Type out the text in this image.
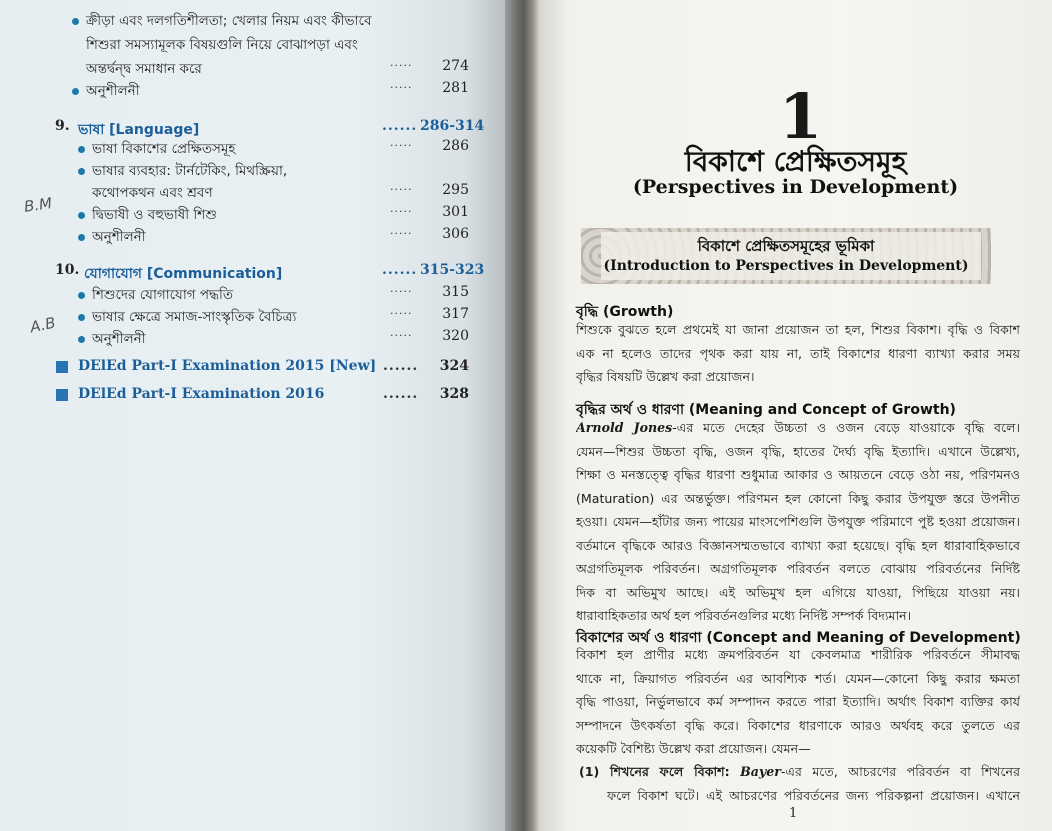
ক্রীড়া এবং দলগতিশীলতা; খেলার নিয়ম এবং কীভাবে
শিশুরা সমস্যামূলক বিষয়গুলি নিয়ে বোঝাপড়া এবং
অন্তর্দ্বন্দ্ব সমাধান করে	.....	274
অনুশীলনী	.....	281
9. ভাষা [Language]	...... 286-314
ভাষা বিকাশের প্রেক্ষিতসমূহ	.....	286
ভাষার ব্যবহার: টার্নটেকিং, মিথস্ক্রিয়া,
কথোপকথন এবং শ্রবণ	.....	295
দ্বিভাষী ও বহুভাষী শিশু	.....	301
অনুশীলনী	.....	306
10. যোগাযোগ [Communication]	...... 315-323
শিশুদের যোগাযোগ পদ্ধতি	.....	315
ভাষার ক্ষেত্রে সমাজ-সাংস্কৃতিক বৈচিত্র্য	.....	317
অনুশীলনী	.....	320
DElEd Part-I Examination 2015 [New] ...... 324
DElEd Part-I Examination 2016	...... 328
B.M
A.B
1
বিকাশে প্রেক্ষিতসমূহ
(Perspectives in Development)
বিকাশে প্রেক্ষিতসমূহের ভূমিকা
(Introduction to Perspectives in Development)
বৃদ্ধি (Growth)
শিশুকে বুঝতে হলে প্রথমেই যা জানা প্রয়োজন তা হল, শিশুর বিকাশ। বৃদ্ধি ও বিকাশ
এক না হলেও তাদের পৃথক করা যায় না, তাই বিকাশের ধারণা ব্যাখ্যা করার সময়
বৃদ্ধির বিষয়টি উল্লেখ করা প্রয়োজন।
বৃদ্ধির অর্থ ও ধারণা (Meaning and Concept of Growth)
Arnold Jones-এর মতে দেহের উচ্চতা ও ওজন বেড়ে যাওয়াকে বৃদ্ধি বলে।
যেমন—শিশুর উচ্চতা বৃদ্ধি, ওজন বৃদ্ধি, হাতের দৈর্ঘ্য বৃদ্ধি ইত্যাদি। এখানে উল্লেখ্য,
শিক্ষা ও মনস্তত্ত্বে বৃদ্ধির ধারণা শুধুমাত্র আকার ও আয়তনে বেড়ে ওঠা নয়, পরিণমনও
(Maturation) এর অন্তর্ভুক্ত। পরিণমন হল কোনো কিছু করার উপযুক্ত স্তরে উপনীত
হওয়া। যেমন—হাঁটার জন্য পায়ের মাংসপেশিগুলি উপযুক্ত পরিমাণে পুষ্ট হওয়া প্রয়োজন।
বর্তমানে বৃদ্ধিকে আরও বিজ্ঞানসম্মতভাবে ব্যাখ্যা করা হয়েছে। বৃদ্ধি হল ধারাবাহিকভাবে
অগ্রগতিমূলক পরিবর্তন। অগ্রগতিমূলক পরিবর্তন বলতে বোঝায় পরিবর্তনের নির্দিষ্ট
দিক বা অভিমুখ আছে। এই অভিমুখ হল এগিয়ে যাওয়া, পিছিয়ে যাওয়া নয়।
ধারাবাহিকতার অর্থ হল পরিবর্তনগুলির মধ্যে নির্দিষ্ট সম্পর্ক বিদ্যমান।
বিকাশের অর্থ ও ধারণা (Concept and Meaning of Development)
বিকাশ হল প্রাণীর মধ্যে ক্রমপরিবর্তন যা কেবলমাত্র শারীরিক পরিবর্তনে সীমাবদ্ধ
থাকে না, ক্রিয়াগত পরিবর্তন এর আবশ্যিক শর্ত। যেমন—কোনো কিছু করার ক্ষমতা
বৃদ্ধি পাওয়া, নির্ভুলভাবে কর্ম সম্পাদন করতে পারা ইত্যাদি। অর্থাৎ বিকাশ ব্যক্তির কার্য
সম্পাদনে উৎকর্ষতা বৃদ্ধি করে। বিকাশের ধারণাকে আরও অর্থবহ করে তুলতে এর
কয়েকটি বৈশিষ্ট্য উল্লেখ করা প্রয়োজন। যেমন—
(1) শিখনের ফলে বিকাশ: Bayer-এর মতে, আচরণের পরিবর্তন বা শিখনের
ফলে বিকাশ ঘটে। এই আচরণের পরিবর্তনের জন্য পরিকল্পনা প্রয়োজন। এখানে
1
